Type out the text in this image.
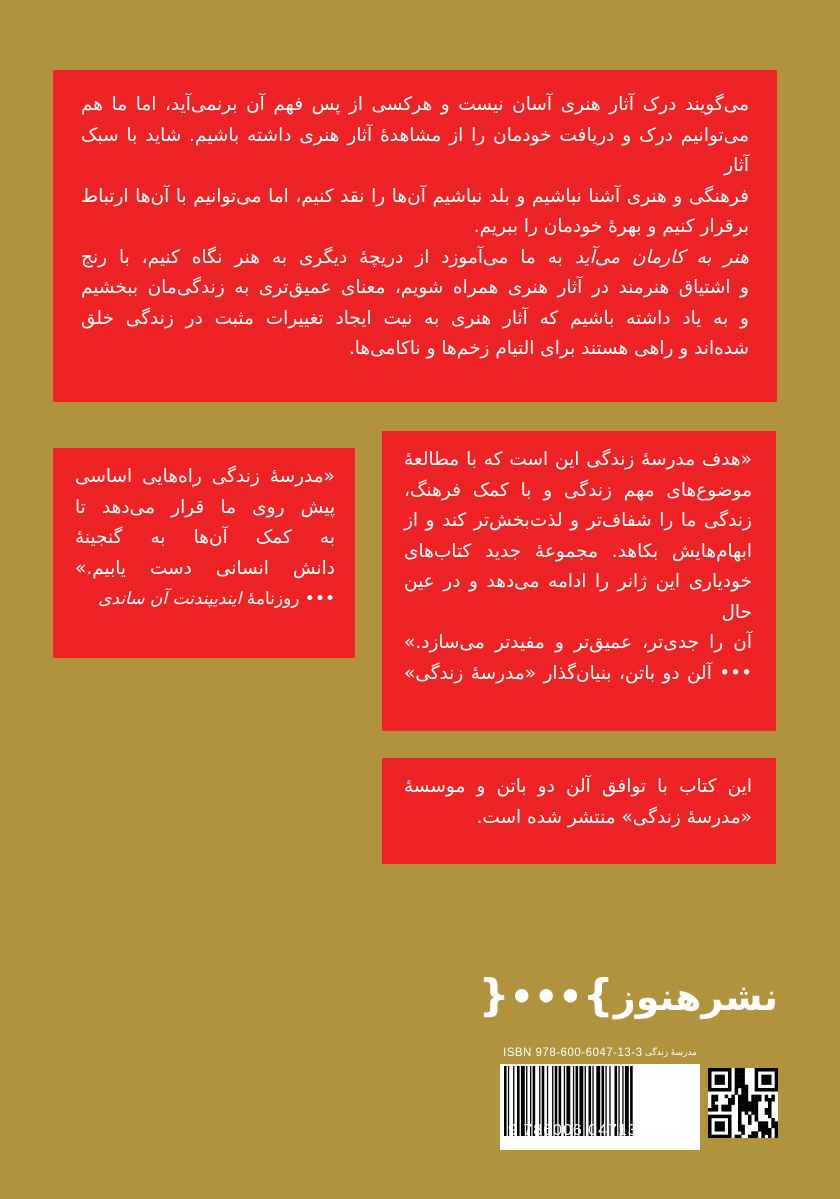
می‌گویند درک آثار هنری آسان نیست و هرکسی از پس فهم آن برنمی‌آید، اما ما هم

می‌توانیم درک و دریافت خودمان را از مشاهدهٔ آثار هنری داشته باشیم. شاید با سبک آثار

فرهنگی و هنری آشنا نباشیم و بلد نباشیم آن‌ها را نقد کنیم، اما می‌توانیم با آن‌ها ارتباط

برقرار کنیم و بهرهٔ خودمان را ببریم.

هنر به کارمان می‌آید به ما می‌آموزد از دریچهٔ دیگری به هنر نگاه کنیم، با رنج

و اشتیاق هنرمند در آثار هنری همراه شویم، معنای عمیق‌تری به زندگی‌مان ببخشیم

و به یاد داشته باشیم که آثار هنری به نیت ایجاد تغییرات مثبت در زندگی خلق

شده‌اند و راهی هستند برای التیام زخم‌ها و ناکامی‌ها.

«مدرسهٔ زندگی راه‌هایی اساسی

پیش روی ما قرار می‌دهد تا

به کمک آن‌ها به گنجینهٔ

دانش انسانی دست یابیم.»

••• روزنامهٔ ایندیپندنت آن ساندی

«هدف مدرسهٔ زندگی این است که با مطالعهٔ

موضوع‌های مهم زندگی و با کمک فرهنگ،

زندگی ما را شفاف‌تر و لذت‌بخش‌تر کند و از

ابهام‌هایش بکاهد. مجموعهٔ جدید کتاب‌های

خودیاری این ژانر را ادامه می‌دهد و در عین حال

آن را جدی‌تر، عمیق‌تر و مفیدتر می‌سازد.»

••• آلن دو باتن، بنیان‌گذار «مدرسهٔ زندگی»

این کتاب با توافق آلن دو باتن و موسسهٔ

«مدرسهٔ زندگی» منتشر شده است.

نشرهنوز}•••{
ISBN 978-600-6047-13-3 مدرسهٔ زندگی
9 786006 047133
